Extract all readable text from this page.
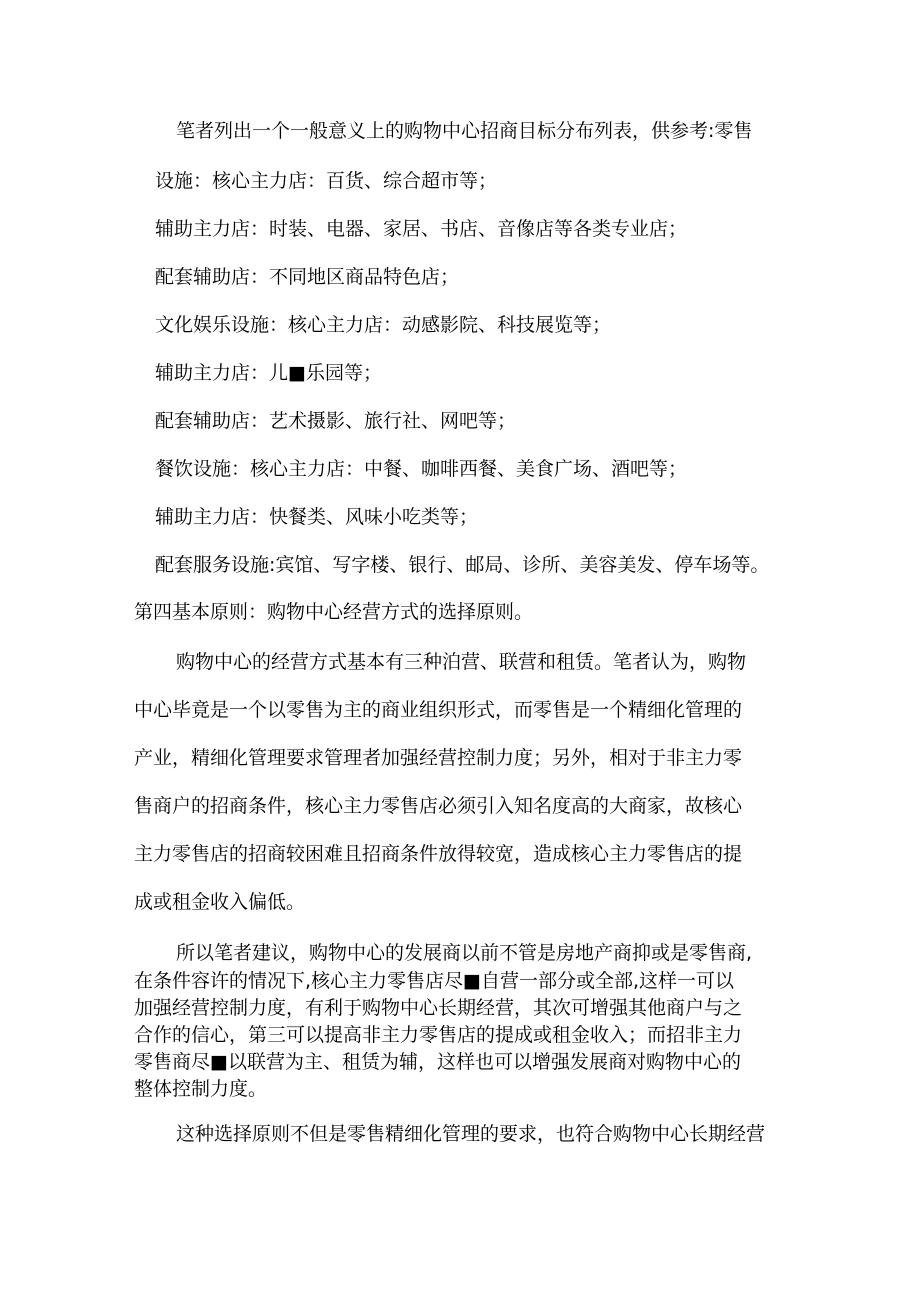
笔者列出一个一般意义上的购物中心招商目标分布列表，供参考:零售
设施：核心主力店：百货、综合超市等；
辅助主力店：时装、电器、家居、书店、音像店等各类专业店；
配套辅助店：不同地区商品特色店；
文化娱乐设施：核心主力店：动感影院、科技展览等；
辅助主力店：儿■乐园等；
配套辅助店：艺术摄影、旅行社、网吧等；
餐饮设施：核心主力店：中餐、咖啡西餐、美食广场、酒吧等；
辅助主力店：快餐类、风味小吃类等；
配套服务设施:宾馆、写字楼、银行、邮局、诊所、美容美发、停车场等。
第四基本原则：购物中心经营方式的选择原则。
购物中心的经营方式基本有三种泊营、联营和租赁。笔者认为，购物
中心毕竟是一个以零售为主的商业组织形式，而零售是一个精细化管理的
产业，精细化管理要求管理者加强经营控制力度；另外，相对于非主力零
售商户的招商条件，核心主力零售店必须引入知名度高的大商家，故核心
主力零售店的招商较困难且招商条件放得较宽，造成核心主力零售店的提
成或租金收入偏低。
所以笔者建议，购物中心的发展商以前不管是房地产商抑或是零售商,
在条件容许的情况下,核心主力零售店尽■自营一部分或全部,这样一可以
加强经营控制力度，有利于购物中心长期经营，其次可增强其他商户与之
合作的信心，第三可以提高非主力零售店的提成或租金收入；而招非主力
零售商尽■以联营为主、租赁为辅，这样也可以增强发展商对购物中心的
整体控制力度。
这种选择原则不但是零售精细化管理的要求，也符合购物中心长期经营
